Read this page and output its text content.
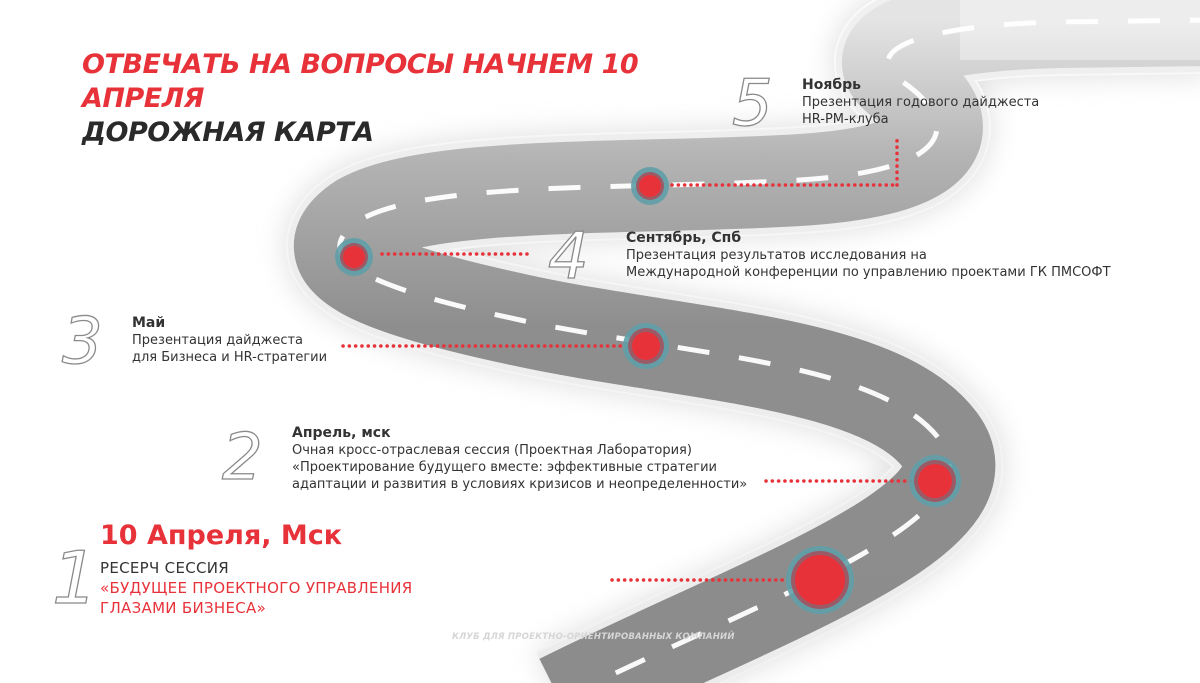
ОТВЕЧАТЬ НА ВОПРОСЫ НАЧНЕМ 10
АПРЕЛЯ
ДОРОЖНАЯ КАРТА	5 Ноябрь
Презентация годового дайджеста
HR-PM-клуба
4	Сентябрь, Спб
Презентация результатов исследования на
Международной конференции по управлению проектами ГК ПМСОФТ
3 Май
Презентация дайджеста
для Бизнеса и HR-стратегии
2 Апрель, мск
Очная кросс-отраслевая сессия (Проектная Лаборатория)
«Проектирование будущего вместе: эффективные стратегии
адаптации и развития в условиях кризисов и неопределенности»
1
10 Апреля, Мск
РЕСЕРЧ СЕССИЯ
«БУДУЩЕЕ ПРОЕКТНОГО УПРАВЛЕНИЯ
ГЛАЗАМИ БИЗНЕСА»
КЛУБ ДЛЯ ПРОЕКТНО-ОРИЕНТИРОВАННЫХ КОМПАНИЙ
